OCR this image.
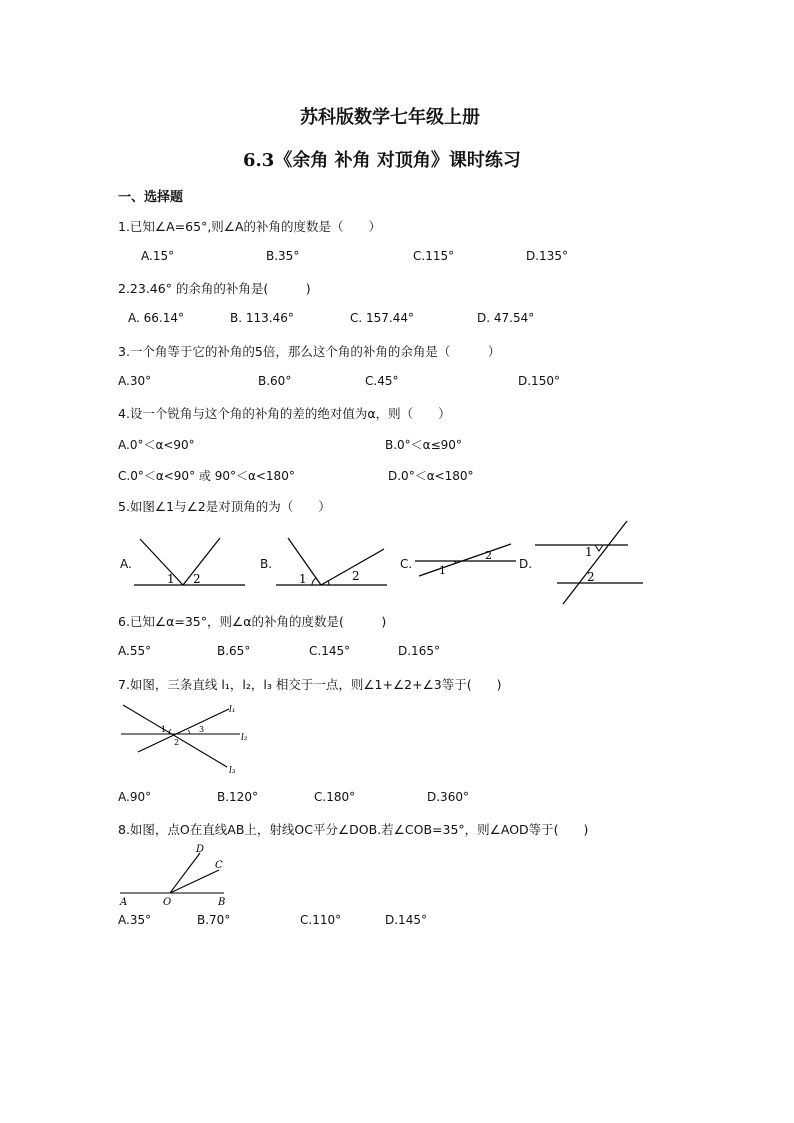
苏科版数学七年级上册
6.3《余角 补角 对顶角》课时练习
一、选择题
1.已知∠A=65°,则∠A的补角的度数是（　　）
A.15°	B.35°	C.115°	D.135°
2.23.46° 的余角的补角是(　　　)
A. 66.14°	B. 113.46°	C. 157.44°	D. 47.54°
3.一个角等于它的补角的5倍，那么这个角的补角的余角是（　　　）
A.30°	B.60°	C.45°	D.150°
4.设一个锐角与这个角的补角的差的绝对值为α，则（　　）
A.0°＜α<90°	B.0°＜α≤90°
C.0°＜α<90° 或 90°＜α<180°	D.0°＜α<180°
5.如图∠1与∠2是对顶角的为（　　）
A.
1 2
B.
1	2
C. 1
2
D.
1
2
6.已知∠α=35°，则∠α的补角的度数是(　　　)
A.55°	B.65°	C.145°	D.165°
7.如图，三条直线 l₁，l₂，l₃ 相交于一点，则∠1+∠2+∠3等于(　　)
1
2
3
l₁
l₂
l₃
A.90°	B.120°	C.180°	D.360°
8.如图，点O在直线AB上，射线OC平分∠DOB.若∠COB=35°，则∠AOD等于(　　)
A	O	B
C
D
A.35°	B.70°	C.110°	D.145°
